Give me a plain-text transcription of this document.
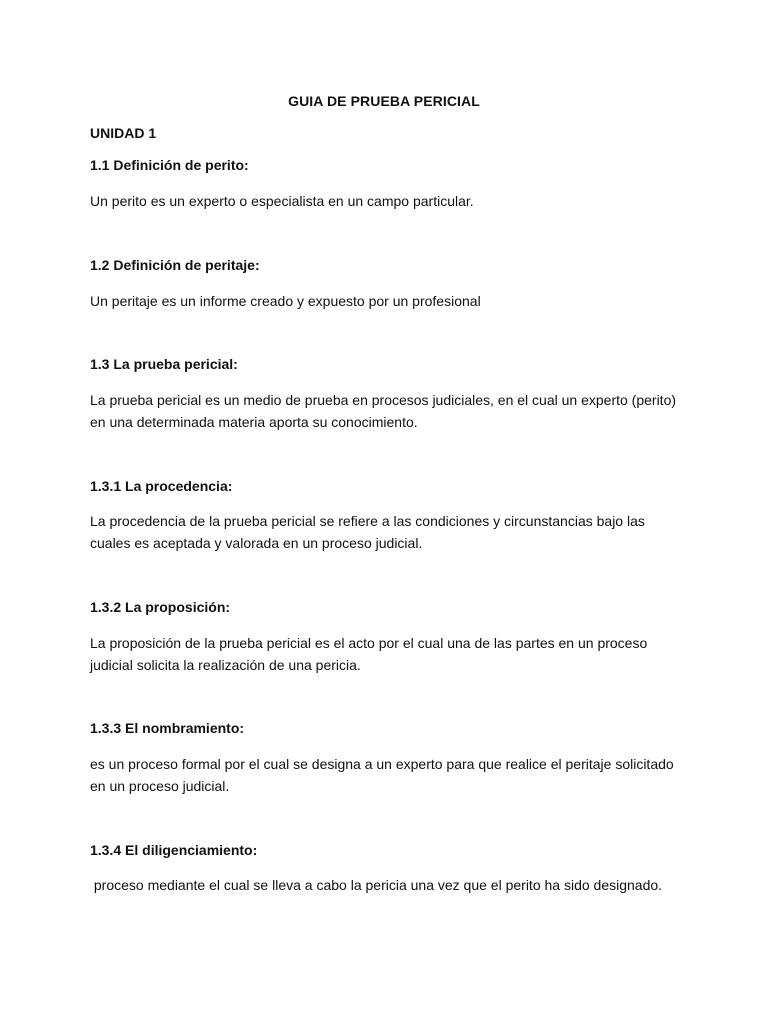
GUIA DE PRUEBA PERICIAL
UNIDAD 1
1.1 Definición de perito:
Un perito es un experto o especialista en un campo particular.
1.2 Definición de peritaje:
Un peritaje es un informe creado y expuesto por un profesional
1.3 La prueba pericial:
La prueba pericial es un medio de prueba en procesos judiciales, en el cual un experto (perito) en una determinada materia aporta su conocimiento.
1.3.1 La procedencia:
La procedencia de la prueba pericial se refiere a las condiciones y circunstancias bajo las cuales es aceptada y valorada en un proceso judicial.
1.3.2 La proposición:
La proposición de la prueba pericial es el acto por el cual una de las partes en un proceso judicial solicita la realización de una pericia.
1.3.3 El nombramiento:
es un proceso formal por el cual se designa a un experto para que realice el peritaje solicitado en un proceso judicial.
1.3.4 El diligenciamiento:
proceso mediante el cual se lleva a cabo la pericia una vez que el perito ha sido designado.
